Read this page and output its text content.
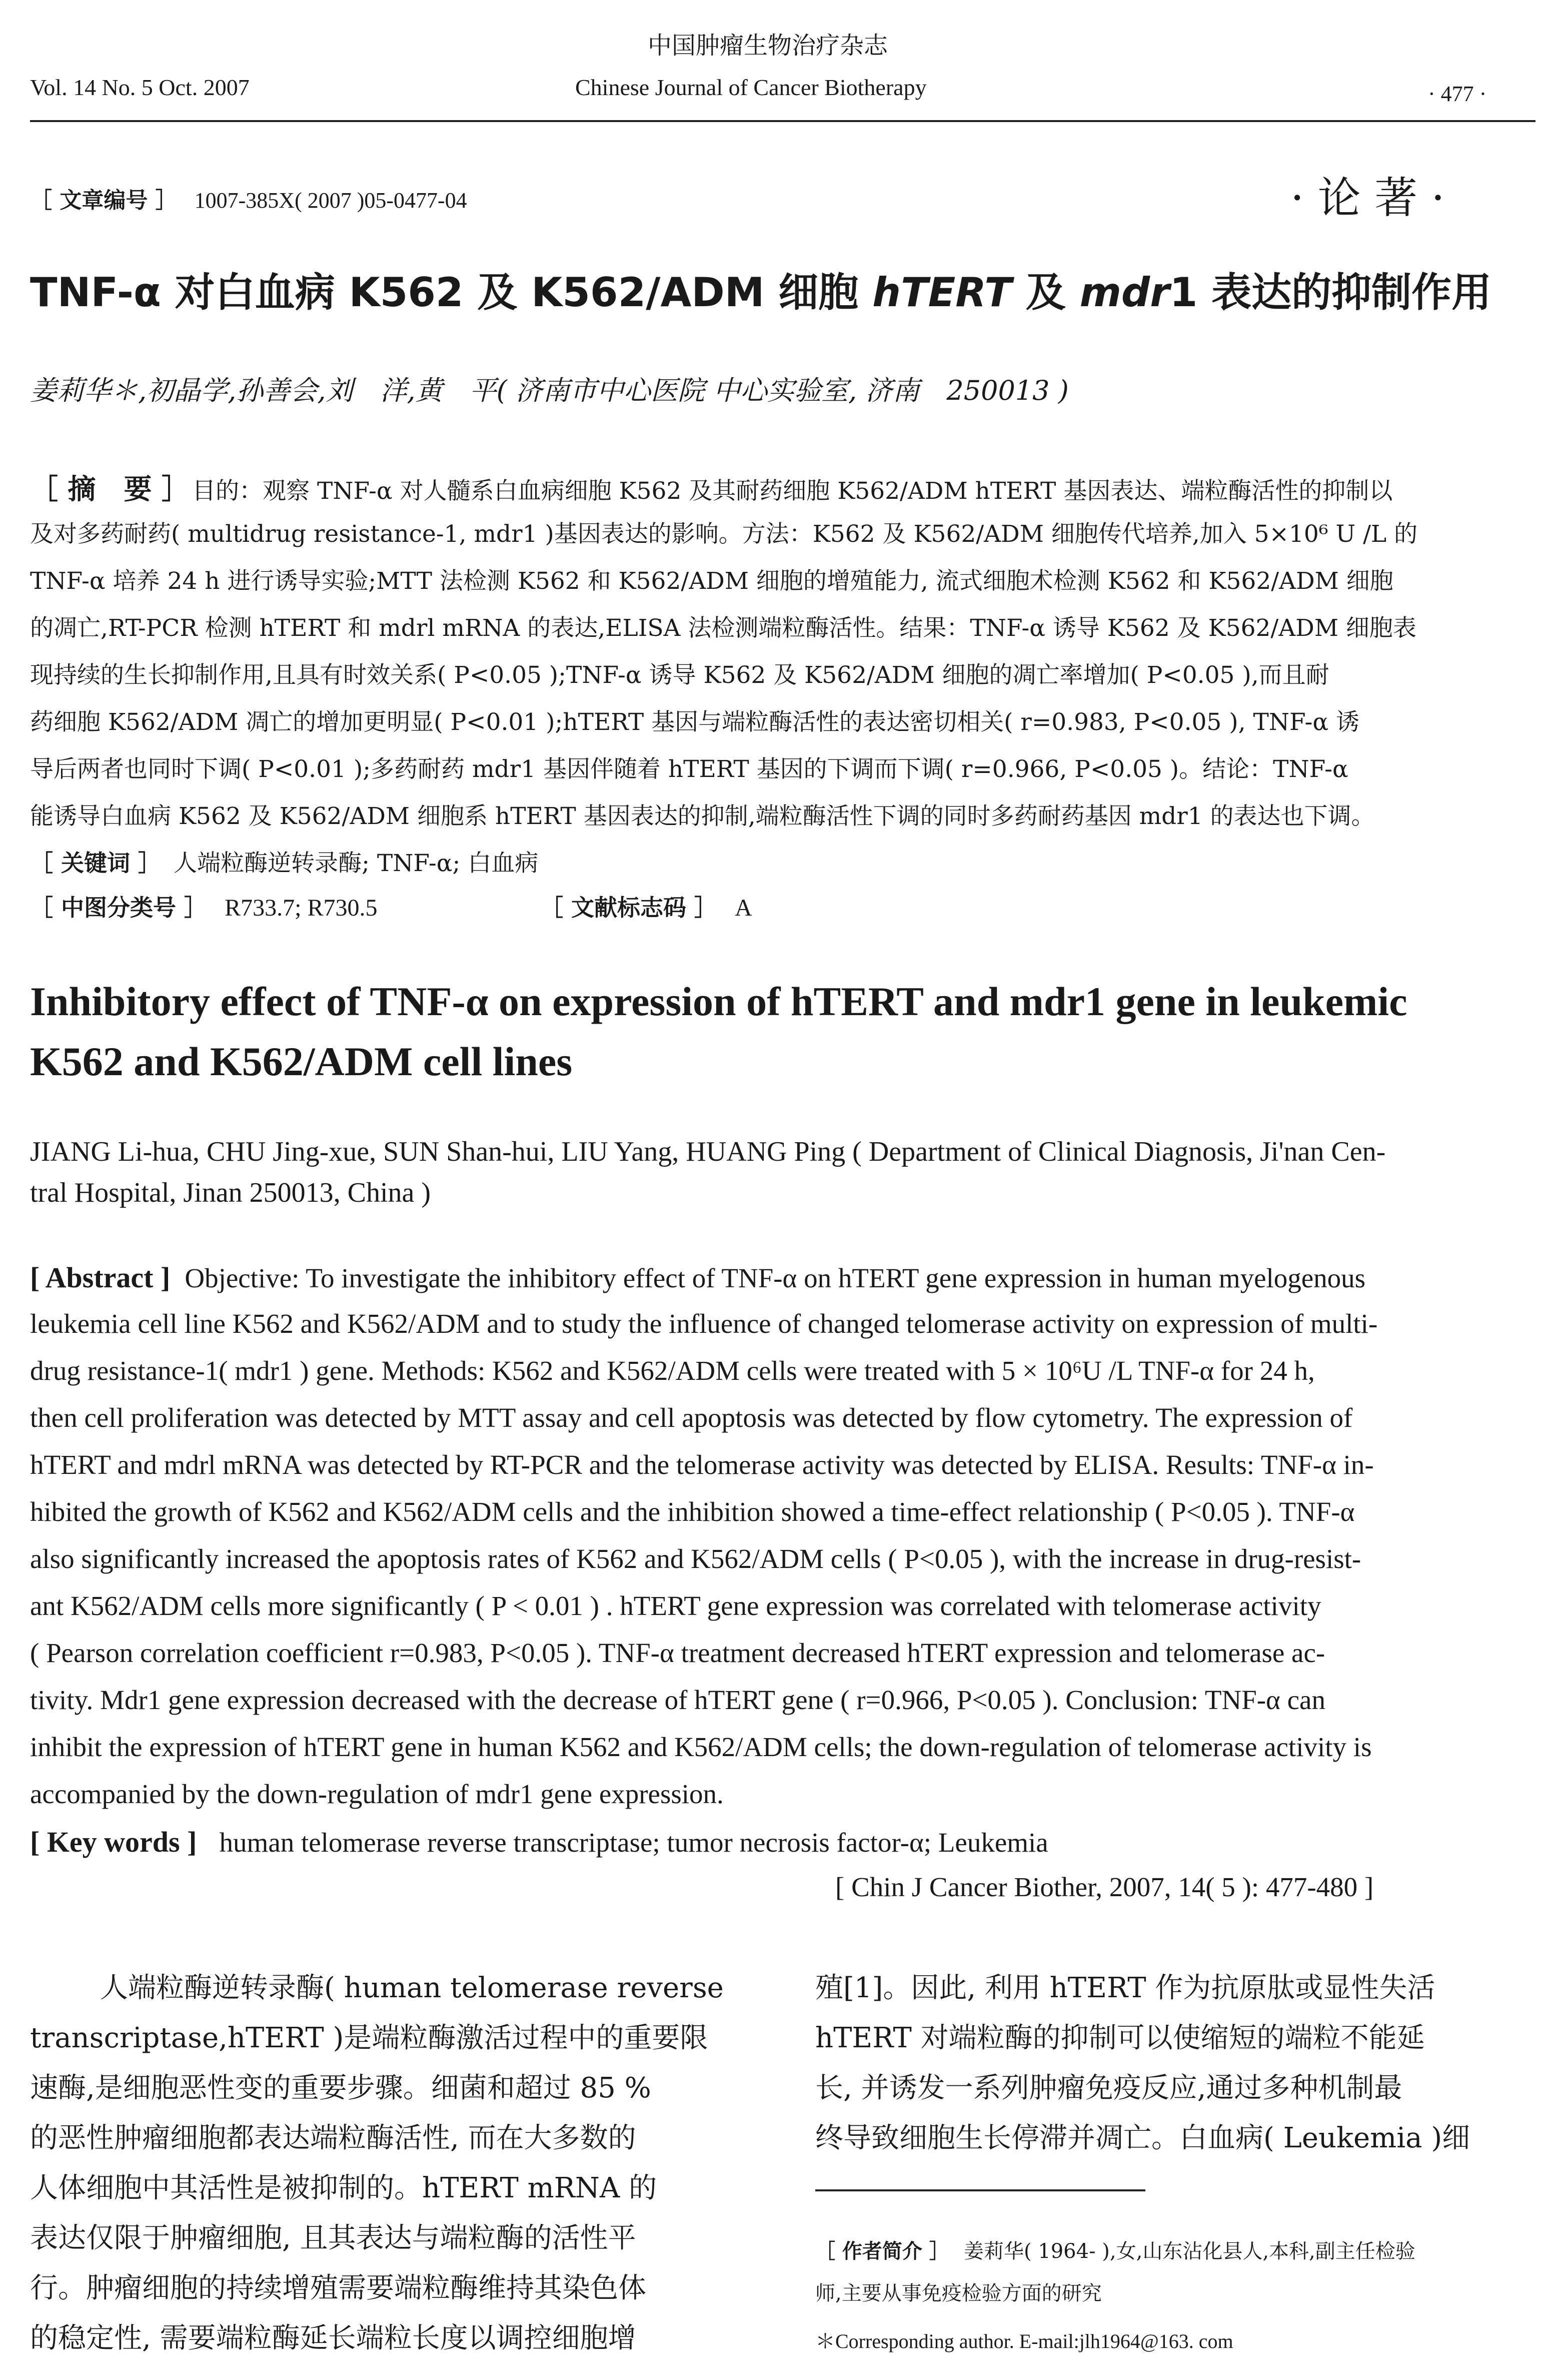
中国肿瘤生物治疗杂志
Vol. 14 No. 5 Oct. 2007	Chinese Journal of Cancer Biotherapy	· 477 ·
［ 文章编号 ］ 1007-385X( 2007 )05-0477-04	· 论 著 ·
TNF-α 对白血病 K562 及 K562/ADM 细胞 hTERT 及 mdr1 表达的抑制作用
姜莉华＊,初晶学,孙善会,刘　洋,黄　平( 济南市中心医院 中心实验室, 济南　250013 )
［ 摘　要 ］ 目的：观察 TNF-α 对人髓系白血病细胞 K562 及其耐药细胞 K562/ADM hTERT 基因表达、端粒酶活性的抑制以
及对多药耐药( multidrug resistance-1, mdr1 )基因表达的影响。方法：K562 及 K562/ADM 细胞传代培养,加入 5×10⁶ U /L 的
TNF-α 培养 24 h 进行诱导实验;MTT 法检测 K562 和 K562/ADM 细胞的增殖能力, 流式细胞术检测 K562 和 K562/ADM 细胞
的凋亡,RT-PCR 检测 hTERT 和 mdrl mRNA 的表达,ELISA 法检测端粒酶活性。结果：TNF-α 诱导 K562 及 K562/ADM 细胞表
现持续的生长抑制作用,且具有时效关系( P<0.05 );TNF-α 诱导 K562 及 K562/ADM 细胞的凋亡率增加( P<0.05 ),而且耐
药细胞 K562/ADM 凋亡的增加更明显( P<0.01 );hTERT 基因与端粒酶活性的表达密切相关( r=0.983, P<0.05 ), TNF-α 诱
导后两者也同时下调( P<0.01 );多药耐药 mdr1 基因伴随着 hTERT 基因的下调而下调( r=0.966, P<0.05 )。结论：TNF-α
能诱导白血病 K562 及 K562/ADM 细胞系 hTERT 基因表达的抑制,端粒酶活性下调的同时多药耐药基因 mdr1 的表达也下调。
［ 关键词 ］ 人端粒酶逆转录酶; TNF-α; 白血病
［ 中图分类号 ］ R733.7; R730.5	［ 文献标志码 ］ A
Inhibitory effect of TNF-α on expression of hTERT and mdr1 gene in leukemic
K562 and K562/ADM cell lines
JIANG Li-hua, CHU Jing-xue, SUN Shan-hui, LIU Yang, HUANG Ping ( Department of Clinical Diagnosis, Ji'nan Cen-
tral Hospital, Jinan 250013, China )
[ Abstract ] Objective: To investigate the inhibitory effect of TNF-α on hTERT gene expression in human myelogenous
leukemia cell line K562 and K562/ADM and to study the influence of changed telomerase activity on expression of multi-
drug resistance-1( mdr1 ) gene. Methods: K562 and K562/ADM cells were treated with 5 × 10⁶U /L TNF-α for 24 h,
then cell proliferation was detected by MTT assay and cell apoptosis was detected by flow cytometry. The expression of
hTERT and mdrl mRNA was detected by RT-PCR and the telomerase activity was detected by ELISA. Results: TNF-α in-
hibited the growth of K562 and K562/ADM cells and the inhibition showed a time-effect relationship ( P<0.05 ). TNF-α
also significantly increased the apoptosis rates of K562 and K562/ADM cells ( P<0.05 ), with the increase in drug-resist-
ant K562/ADM cells more significantly ( P < 0.01 ) . hTERT gene expression was correlated with telomerase activity
( Pearson correlation coefficient r=0.983, P<0.05 ). TNF-α treatment decreased hTERT expression and telomerase ac-
tivity. Mdr1 gene expression decreased with the decrease of hTERT gene ( r=0.966, P<0.05 ). Conclusion: TNF-α can
inhibit the expression of hTERT gene in human K562 and K562/ADM cells; the down-regulation of telomerase activity is
accompanied by the down-regulation of mdr1 gene expression.
[ Key words ] human telomerase reverse transcriptase; tumor necrosis factor-α; Leukemia
[ Chin J Cancer Biother, 2007, 14( 5 ): 477-480 ]
人端粒酶逆转录酶( human telomerase reverse
transcriptase,hTERT )是端粒酶激活过程中的重要限
速酶,是细胞恶性变的重要步骤。细菌和超过 85 %
的恶性肿瘤细胞都表达端粒酶活性, 而在大多数的
人体细胞中其活性是被抑制的。hTERT mRNA 的
表达仅限于肿瘤细胞, 且其表达与端粒酶的活性平
行。肿瘤细胞的持续增殖需要端粒酶维持其染色体
的稳定性, 需要端粒酶延长端粒长度以调控细胞增
殖[1]。因此, 利用 hTERT 作为抗原肽或显性失活
hTERT 对端粒酶的抑制可以使缩短的端粒不能延
长, 并诱发一系列肿瘤免疫反应,通过多种机制最
终导致细胞生长停滞并凋亡。白血病( Leukemia )细
［ 作者简介 ］ 姜莉华( 1964- ),女,山东沾化县人,本科,副主任检验
师,主要从事免疫检验方面的研究
＊Corresponding author. E-mail:jlh1964@163. com
